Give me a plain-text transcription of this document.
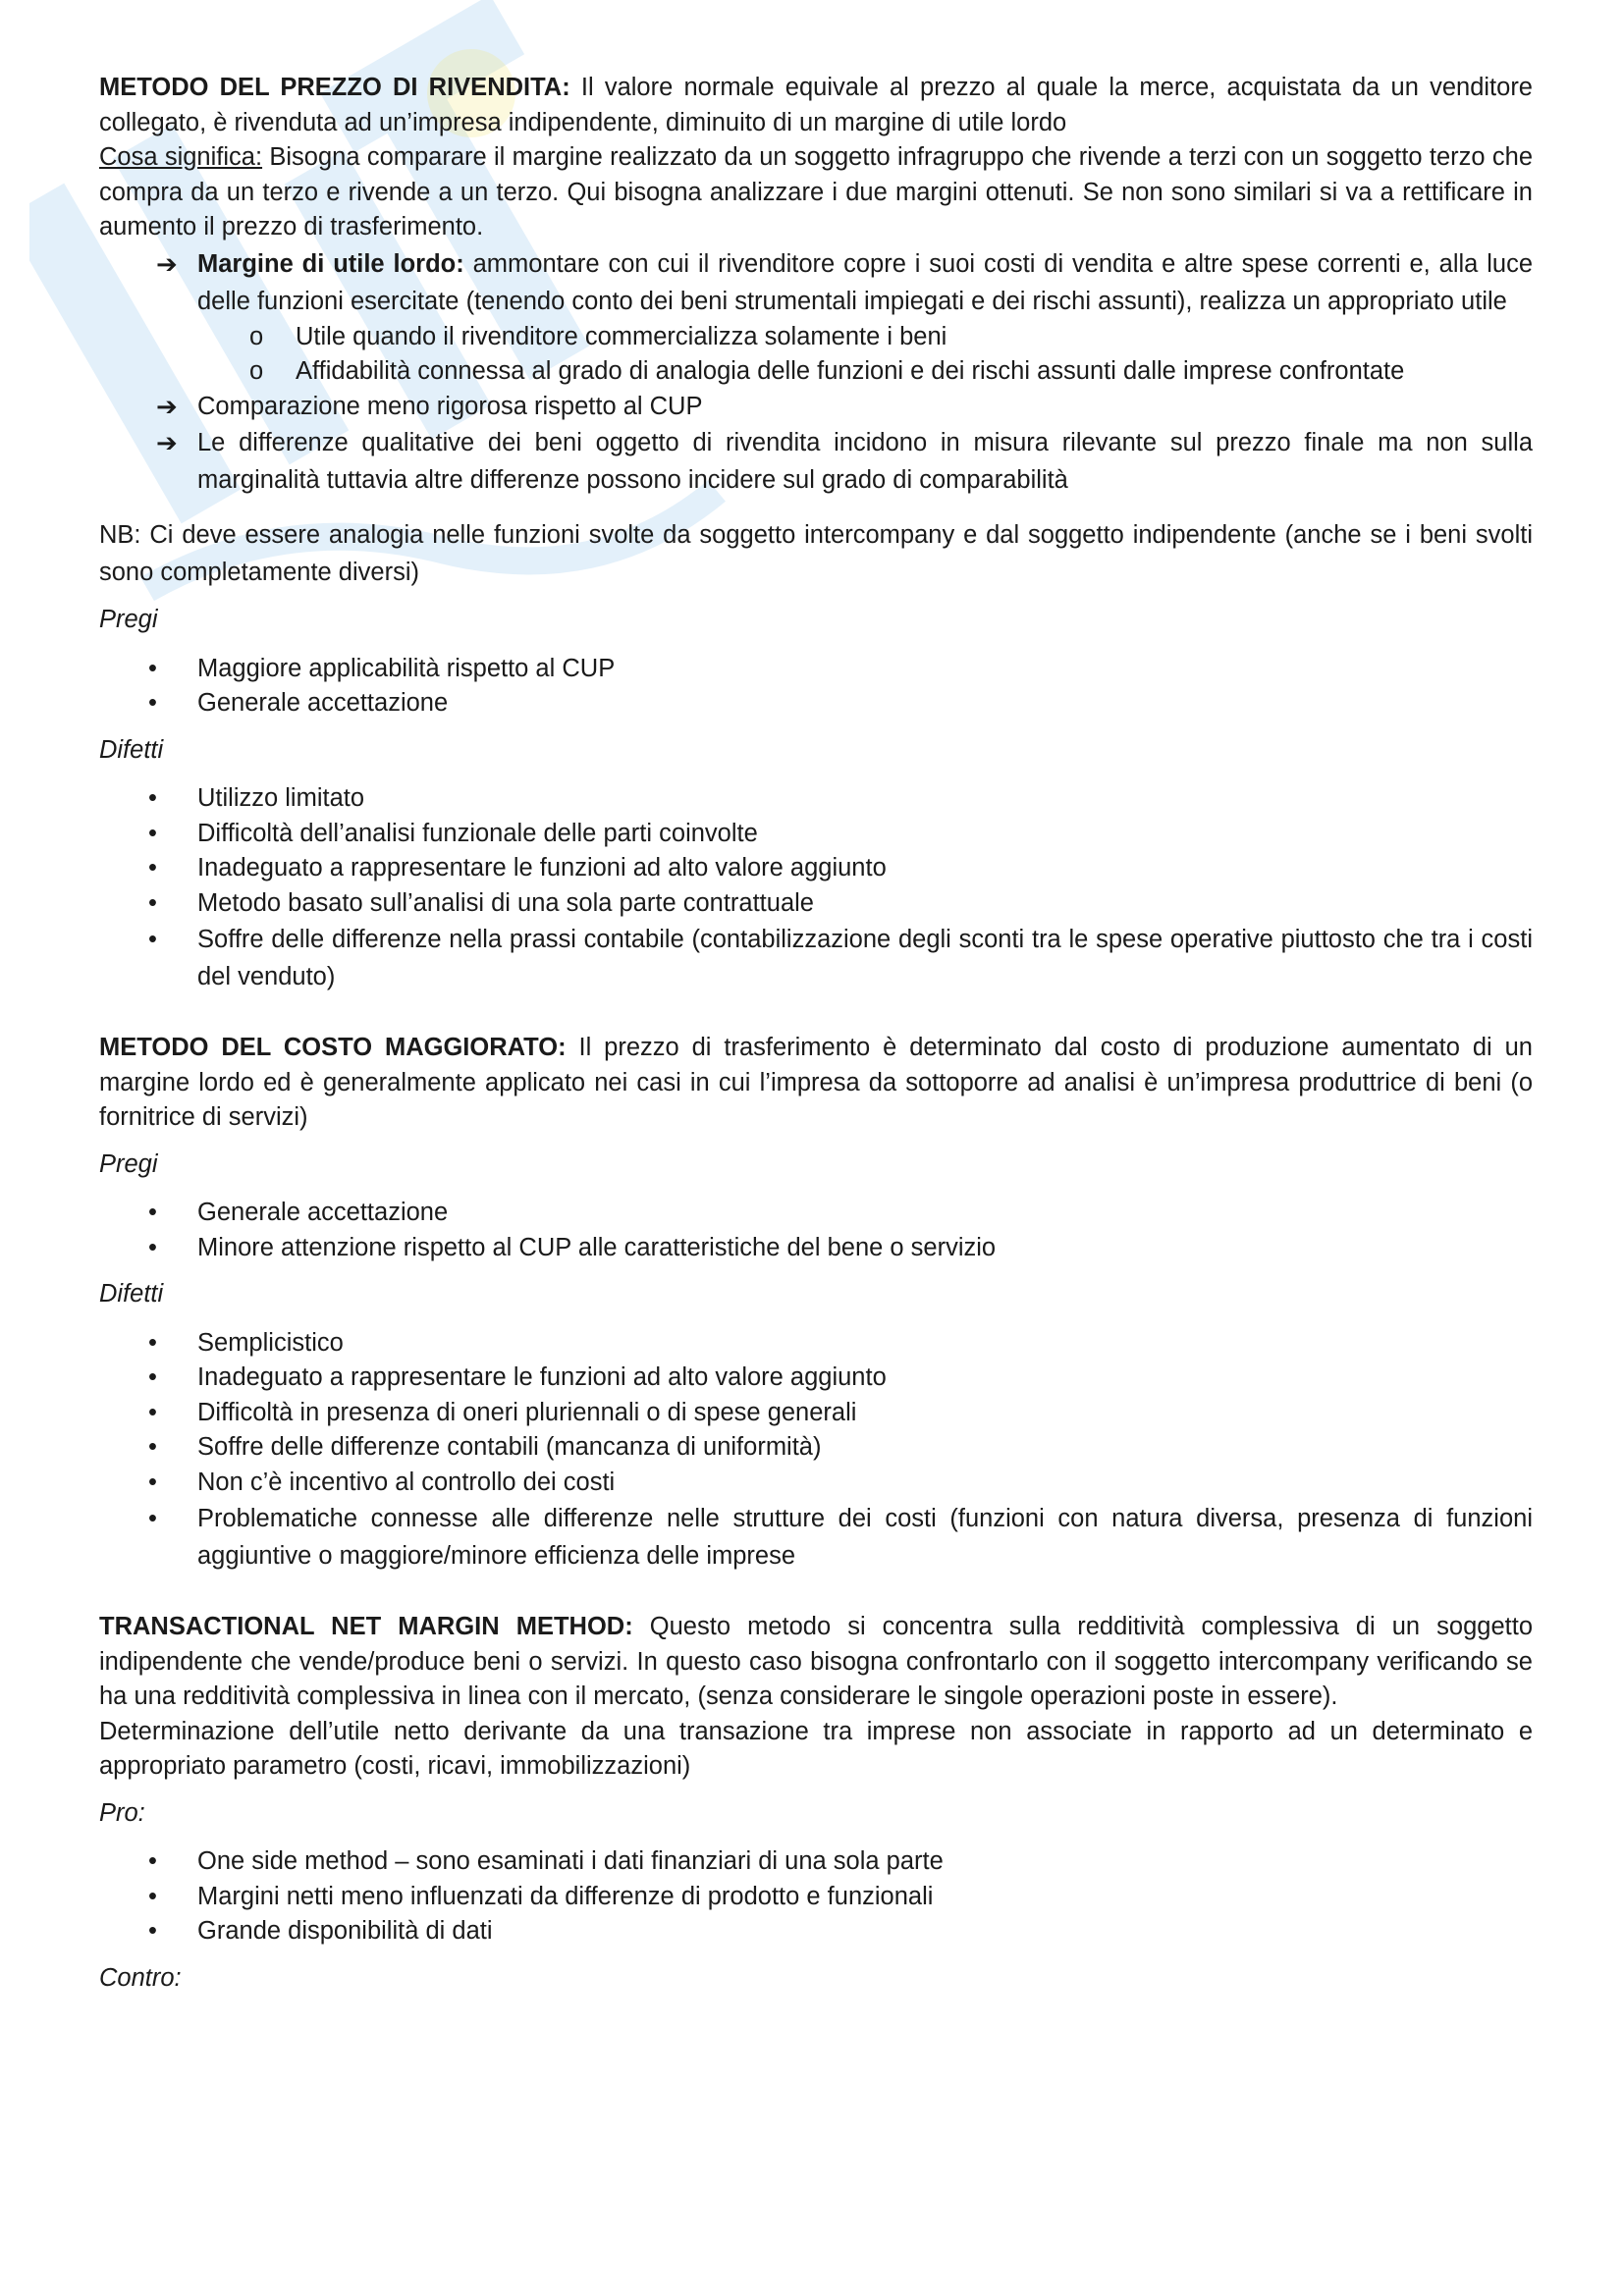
METODO DEL PREZZO DI RIVENDITA: Il valore normale equivale al prezzo al quale la merce, acquistata da un venditore collegato, è rivenduta ad un’impresa indipendente, diminuito di un margine di utile lordo

Cosa significa: Bisogna comparare il margine realizzato da un soggetto infragruppo che rivende a terzi con un soggetto terzo che compra da un terzo e rivende a un terzo. Qui bisogna analizzare i due margini ottenuti. Se non sono similari si va a rettificare in aumento il prezzo di trasferimento.

➔ Margine di utile lordo: ammontare con cui il rivenditore copre i suoi costi di vendita e altre spese correnti e, alla luce delle funzioni esercitate (tenendo conto dei beni strumentali impiegati e dei rischi assunti), realizza un appropriato utile
o Utile quando il rivenditore commercializza solamente i beni
o Affidabilità connessa al grado di analogia delle funzioni e dei rischi assunti dalle imprese confrontate
➔ Comparazione meno rigorosa rispetto al CUP
➔ Le differenze qualitative dei beni oggetto di rivendita incidono in misura rilevante sul prezzo finale ma non sulla marginalità tuttavia altre differenze possono incidere sul grado di comparabilità

NB: Ci deve essere analogia nelle funzioni svolte da soggetto intercompany e dal soggetto indipendente (anche se i beni svolti sono completamente diversi)

Pregi

• Maggiore applicabilità rispetto al CUP
• Generale accettazione

Difetti

• Utilizzo limitato
• Difficoltà dell’analisi funzionale delle parti coinvolte
• Inadeguato a rappresentare le funzioni ad alto valore aggiunto
• Metodo basato sull’analisi di una sola parte contrattuale
• Soffre delle differenze nella prassi contabile (contabilizzazione degli sconti tra le spese operative piuttosto che tra i costi del venduto)

METODO DEL COSTO MAGGIORATO: Il prezzo di trasferimento è determinato dal costo di produzione aumentato di un margine lordo ed è generalmente applicato nei casi in cui l’impresa da sottoporre ad analisi è un’impresa produttrice di beni (o fornitrice di servizi)

Pregi

• Generale accettazione
• Minore attenzione rispetto al CUP alle caratteristiche del bene o servizio

Difetti

• Semplicistico
• Inadeguato a rappresentare le funzioni ad alto valore aggiunto
• Difficoltà in presenza di oneri pluriennali o di spese generali
• Soffre delle differenze contabili (mancanza di uniformità)
• Non c’è incentivo al controllo dei costi
• Problematiche connesse alle differenze nelle strutture dei costi (funzioni con natura diversa, presenza di funzioni aggiuntive o maggiore/minore efficienza delle imprese

TRANSACTIONAL NET MARGIN METHOD: Questo metodo si concentra sulla redditività complessiva di un soggetto indipendente che vende/produce beni o servizi. In questo caso bisogna confrontarlo con il soggetto intercompany verificando se ha una redditività complessiva in linea con il mercato, (senza considerare le singole operazioni poste in essere).

Determinazione dell’utile netto derivante da una transazione tra imprese non associate in rapporto ad un determinato e appropriato parametro (costi, ricavi, immobilizzazioni)

Pro:

• One side method – sono esaminati i dati finanziari di una sola parte
• Margini netti meno influenzati da differenze di prodotto e funzionali
• Grande disponibilità di dati

Contro:
